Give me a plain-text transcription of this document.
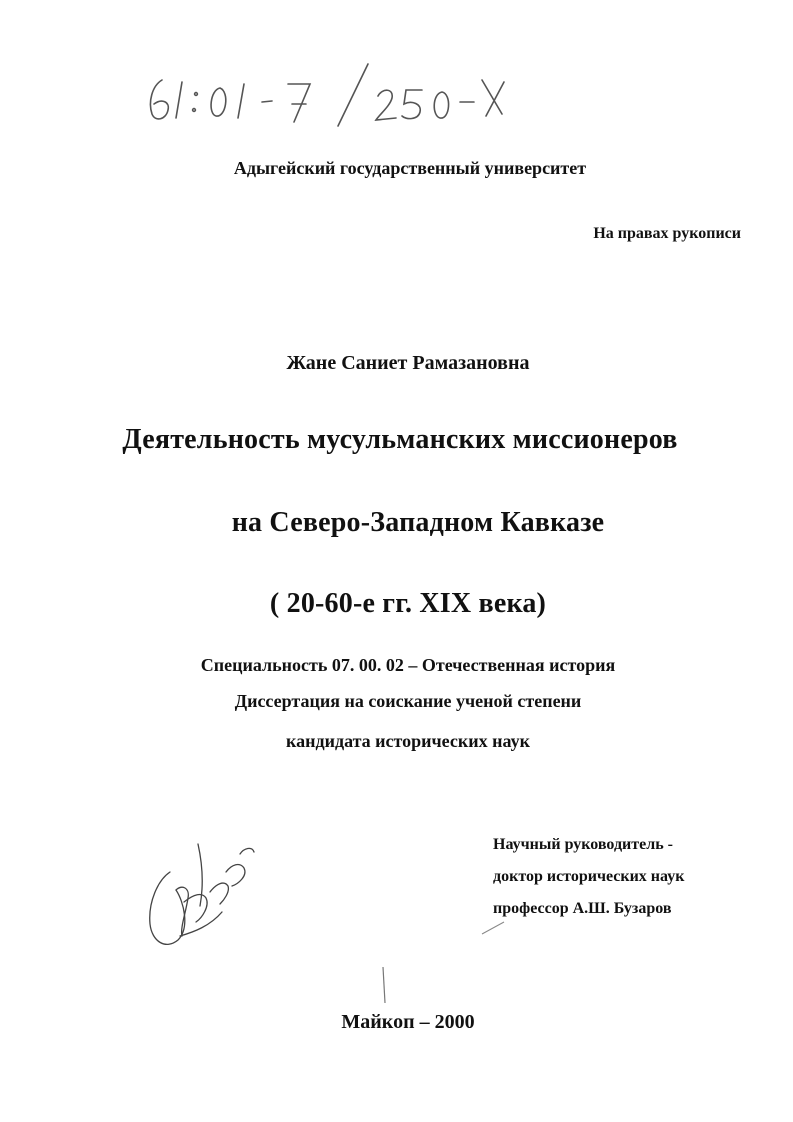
Адыгейский государственный университет
На правах рукописи
Жане Саниет Рамазановна
Деятельность мусульманских миссионеров
на Северо-Западном Кавказе
( 20-60-е гг. XIX века)
Специальность 07. 00. 02 – Отечественная история
Диссертация на соискание ученой степени
кандидата исторических наук
Научный руководитель -
доктор исторических наук
профессор А.Ш. Бузаров
Майкоп – 2000
